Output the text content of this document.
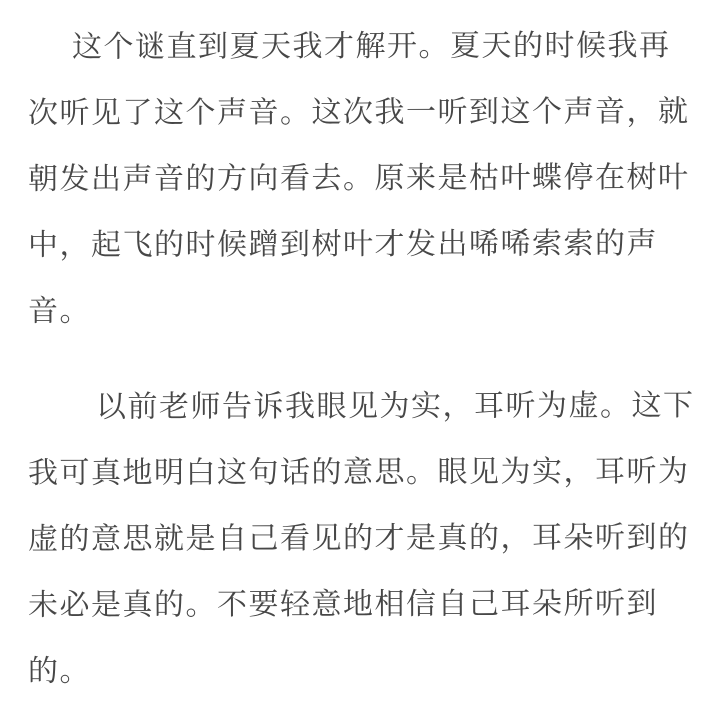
这个谜直到夏天我才解开。夏天的时候我再
次听见了这个声音。这次我一听到这个声音，就
朝发出声音的方向看去。原来是枯叶蝶停在树叶
中，起飞的时候蹭到树叶才发出唏唏索索的声
音。
以前老师告诉我眼见为实，耳听为虚。这下
我可真地明白这句话的意思。眼见为实，耳听为
虚的意思就是自己看见的才是真的，耳朵听到的
未必是真的。不要轻意地相信自己耳朵所听到
的。
